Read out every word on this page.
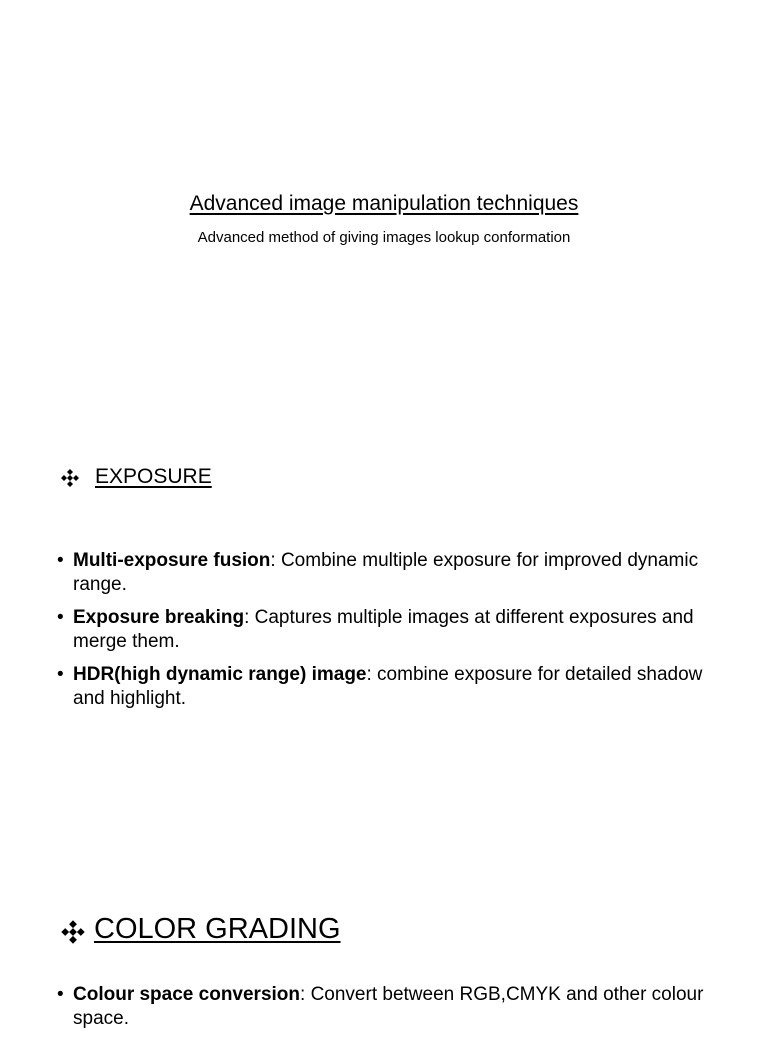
Advanced image manipulation techniques

Advanced method of giving images lookup conformation

EXPOSURE
• Multi-exposure fusion: Combine multiple exposure for improved dynamic range.
• Exposure breaking: Captures multiple images at different exposures and merge them.
• HDR(high dynamic range) image: combine exposure for detailed shadow and highlight.
COLOR GRADING
• Colour space conversion: Convert between RGB,CMYK and other colour space.
